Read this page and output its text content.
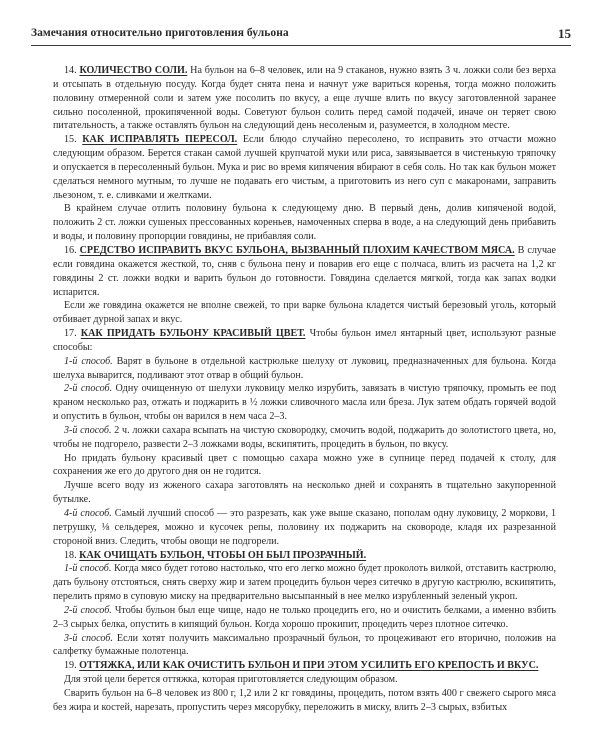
Замечания относительно приготовления бульона	15

14. КОЛИЧЕСТВО СОЛИ. На бульон на 6–8 человек, или на 9 стаканов, нужно взять 3 ч. ложки соли без верха и отсыпать в отдельную посуду. Когда будет снята пена и начнут уже вариться коренья, тогда можно положить половину отмеренной соли и затем уже посолить по вкусу, а еще лучше влить по вкусу заготовленной заранее сильно посоленной, прокипяченной воды. Советуют бульон солить перед самой подачей, иначе он теряет свою питательность, а также оставлять бульон на следующий день несоленым и, разумеется, в холодном месте.

15. КАК ИСПРАВЛЯТЬ ПЕРЕСОЛ. Если блюдо случайно пересолено, то исправить это отчасти можно следующим образом. Берется стакан самой лучшей крупчатой муки или риса, завязывается в чистенькую тряпочку и опускается в пересоленный бульон. Мука и рис во время кипячения вбирают в себя соль. Но так как бульон может сделаться немного мутным, то лучше не подавать его чистым, а приготовить из него суп с макаронами, заправить льезоном, т. е. сливками и желтками.

В крайнем случае отлить половину бульона к следующему дню. В первый день, долив кипяченой водой, положить 2 ст. ложки сушеных прессованных кореньев, намоченных сперва в воде, а на следующий день прибавить и воды, и половину пропорции говядины, не прибавляя соли.

16. СРЕДСТВО ИСПРАВИТЬ ВКУС БУЛЬОНА, ВЫЗВАННЫЙ ПЛОХИМ КАЧЕСТВОМ МЯСА. В случае если говядина окажется жесткой, то, сняв с бульона пену и поварив его еще с полчаса, влить из расчета на 1,2 кг говядины 2 ст. ложки водки и варить бульон до готовности. Говядина сделается мягкой, тогда как запах водки испарится.

Если же говядина окажется не вполне свежей, то при варке бульона кладется чистый березовый уголь, который отбивает дурной запах и вкус.

17. КАК ПРИДАТЬ БУЛЬОНУ КРАСИВЫЙ ЦВЕТ. Чтобы бульон имел янтарный цвет, используют разные способы:

1-й способ. Варят в бульоне в отдельной кастрюльке шелуху от луковиц, предназначенных для бульона. Когда шелуха выварится, подливают этот отвар в общий бульон.

2-й способ. Одну очищенную от шелухи луковицу мелко изрубить, завязать в чистую тряпочку, промыть ее под краном несколько раз, отжать и поджарить в ½ ложки сливочного масла или бреза. Лук затем обдать горячей водой и опустить в бульон, чтобы он варился в нем часа 2–3.

3-й способ. 2 ч. ложки сахара всыпать на чистую сковородку, смочить водой, поджарить до золотистого цвета, но, чтобы не подгорело, развести 2–3 ложками воды, вскипятить, процедить в бульон, по вкусу.

Но придать бульону красивый цвет с помощью сахара можно уже в супнице перед подачей к столу, для сохранения же его до другого дня он не годится.

Лучше всего воду из жженого сахара заготовлять на несколько дней и сохранять в тщательно закупоренной бутылке.

4-й способ. Самый лучший способ — это разрезать, как уже выше сказано, пополам одну луковицу, 2 моркови, 1 петрушку, ⅛ сельдерея, можно и кусочек репы, половину их поджарить на сковороде, кладя их разрезанной стороной вниз. Следить, чтобы овощи не подгорели.

18. КАК ОЧИЩАТЬ БУЛЬОН, ЧТОБЫ ОН БЫЛ ПРОЗРАЧНЫЙ.

1-й способ. Когда мясо будет готово настолько, что его легко можно будет проколоть вилкой, отставить кастрюлю, дать бульону отстояться, снять сверху жир и затем процедить бульон через ситечко в другую кастрюлю, вскипятить, перелить прямо в суповую миску на предварительно высыпанный в нее мелко изрубленный зеленый укроп.

2-й способ. Чтобы бульон был еще чище, надо не только процедить его, но и очистить белками, а именно взбить 2–3 сырых белка, опустить в кипящий бульон. Когда хорошо прокипит, процедить через плотное ситечко.

3-й способ. Если хотят получить максимально прозрачный бульон, то процеживают его вторично, положив на салфетку бумажные полотенца.

19. ОТТЯЖКА, ИЛИ КАК ОЧИСТИТЬ БУЛЬОН И ПРИ ЭТОМ УСИЛИТЬ ЕГО КРЕПОСТЬ И ВКУС.

Для этой цели берется оттяжка, которая приготовляется следующим образом.

Сварить бульон на 6–8 человек из 800 г, 1,2 или 2 кг говядины, процедить, потом взять 400 г свежего сырого мяса без жира и костей, нарезать, пропустить через мясорубку, переложить в миску, влить 2–3 сырых, взбитых
